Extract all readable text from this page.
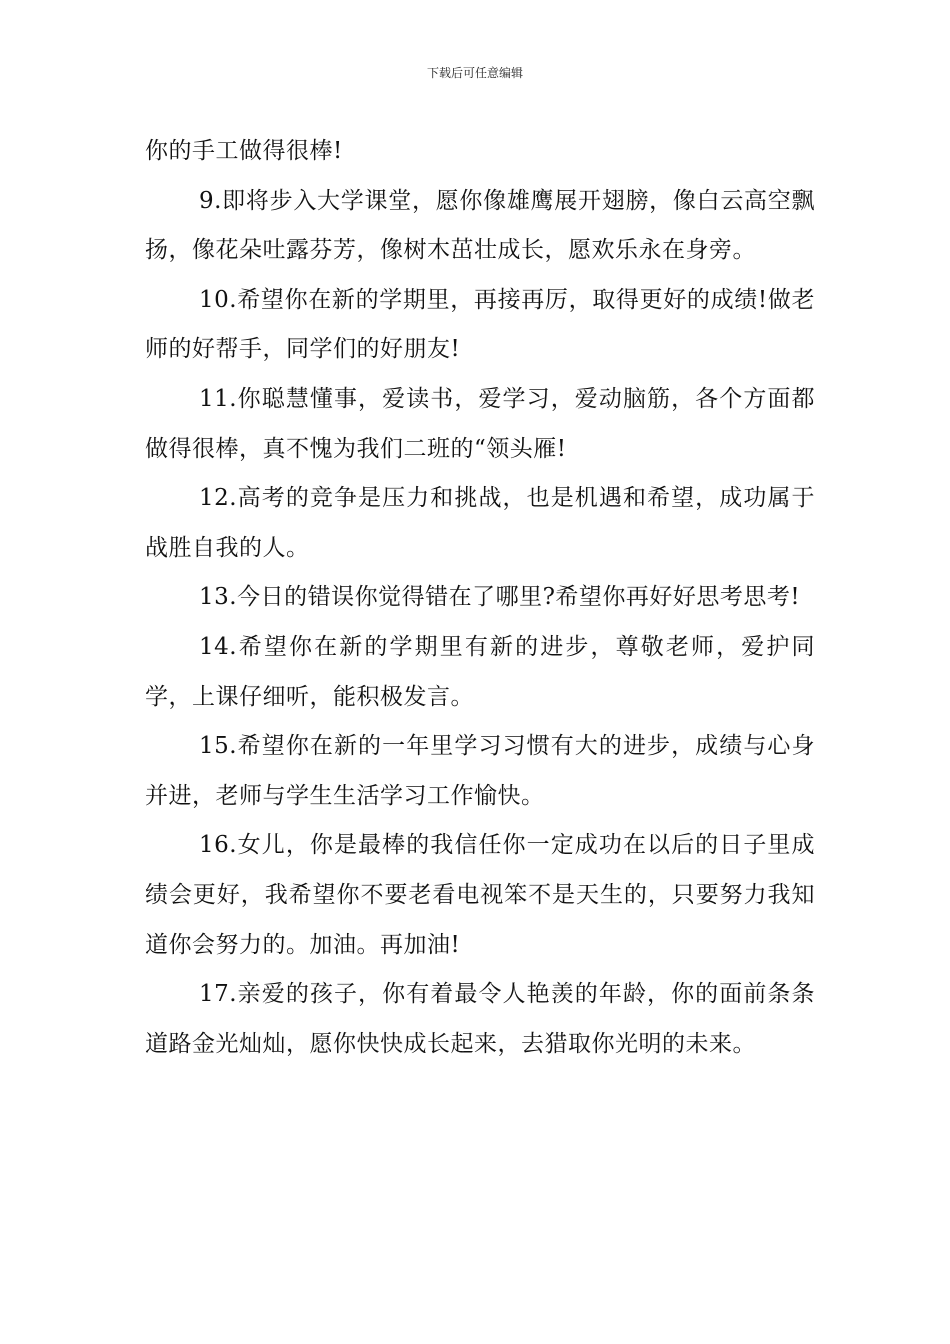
下载后可任意编辑

你的手工做得很棒!

9.即将步入大学课堂，愿你像雄鹰展开翅膀，像白云高空飘扬，像花朵吐露芬芳，像树木茁壮成长，愿欢乐永在身旁。

10.希望你在新的学期里，再接再厉，取得更好的成绩!做老师的好帮手，同学们的好朋友!

11.你聪慧懂事，爱读书，爱学习，爱动脑筋，各个方面都做得很棒，真不愧为我们二班的“领头雁!

12.高考的竞争是压力和挑战，也是机遇和希望，成功属于战胜自我的人。

13.今日的错误你觉得错在了哪里?希望你再好好思考思考!

14.希望你在新的学期里有新的进步，尊敬老师，爱护同学，上课仔细听，能积极发言。

15.希望你在新的一年里学习习惯有大的进步，成绩与心身并进，老师与学生生活学习工作愉快。

16.女儿，你是最棒的我信任你一定成功在以后的日子里成绩会更好，我希望你不要老看电视笨不是天生的，只要努力我知道你会努力的。加油。再加油!

17.亲爱的孩子，你有着最令人艳羡的年龄，你的面前条条道路金光灿灿，愿你快快成长起来，去猎取你光明的未来。
